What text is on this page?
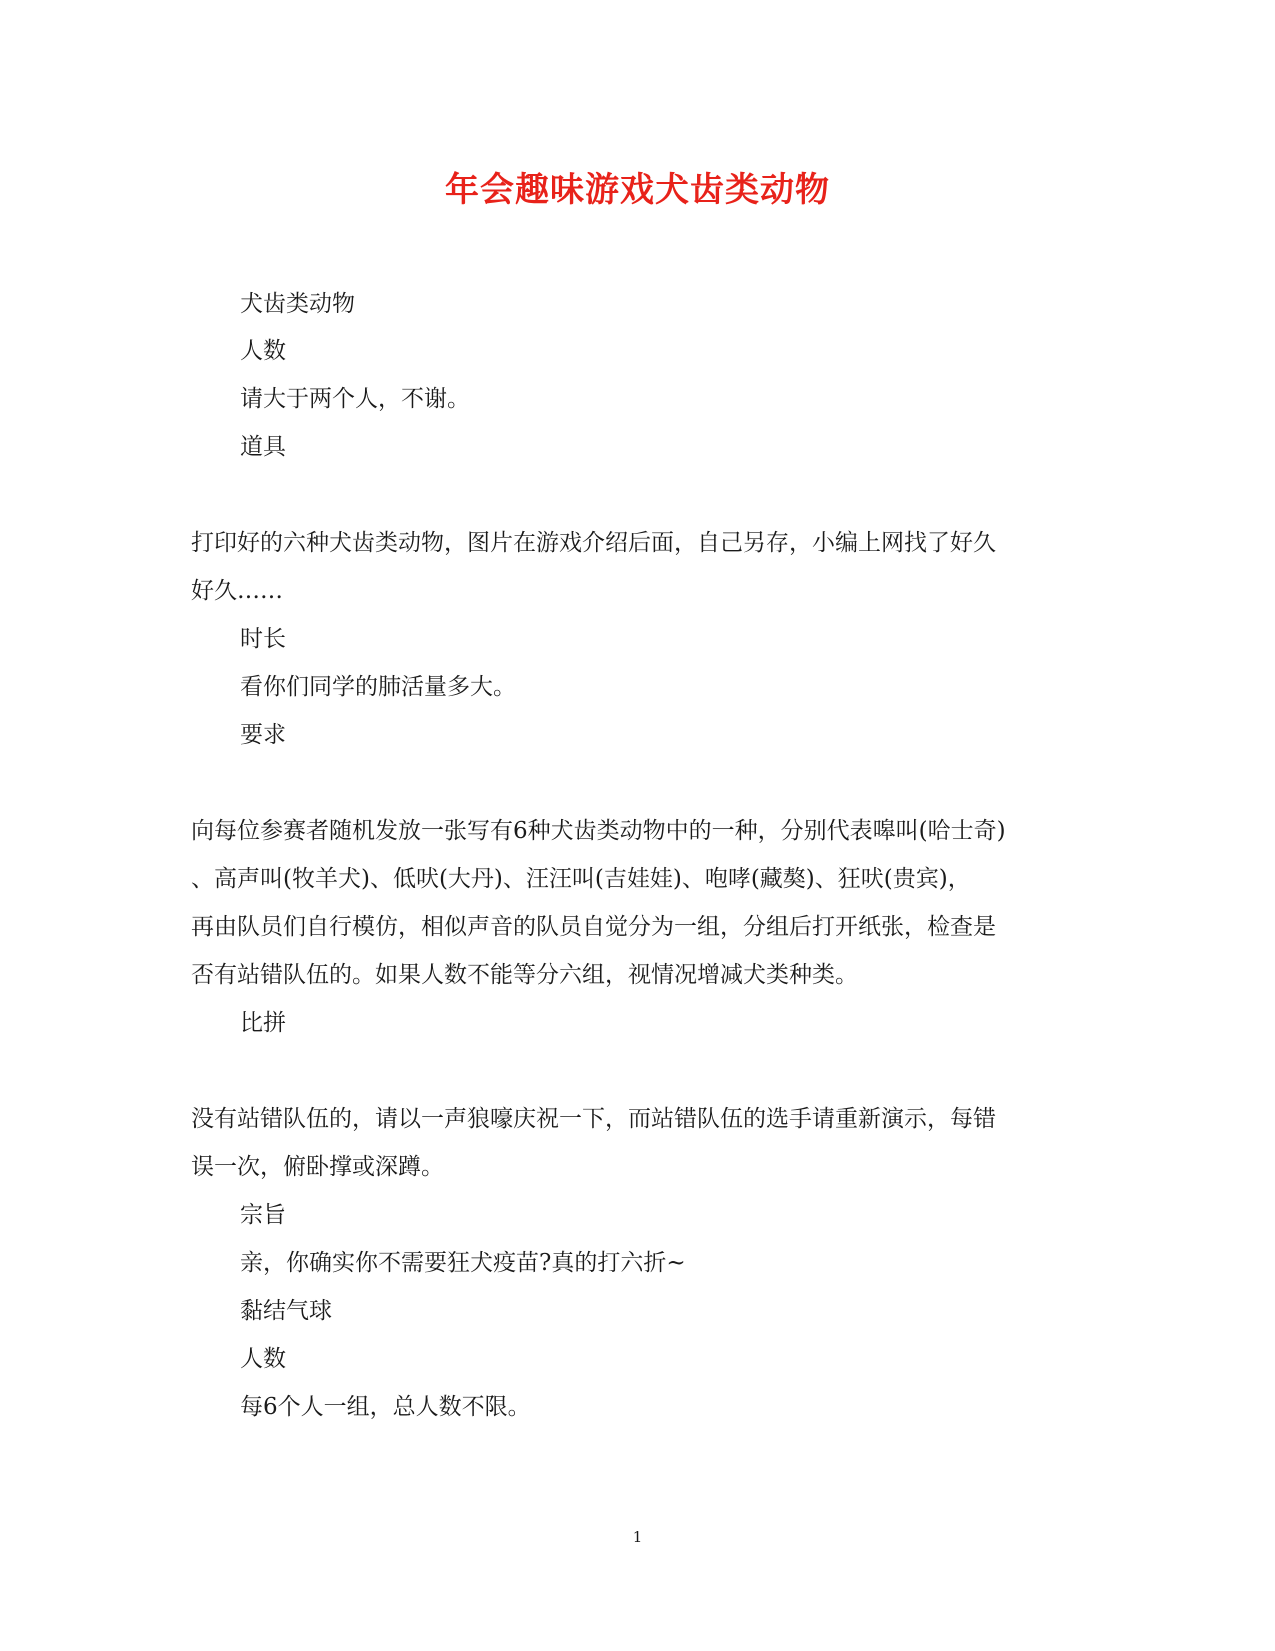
年会趣味游戏犬齿类动物
犬齿类动物
人数
请大于两个人，不谢。
道具
打印好的六种犬齿类动物，图片在游戏介绍后面，自己另存，小编上网找了好久
好久……
时长
看你们同学的肺活量多大。
要求
向每位参赛者随机发放一张写有6种犬齿类动物中的一种，分别代表嗥叫(哈士奇)
、高声叫(牧羊犬)、低吠(大丹)、汪汪叫(吉娃娃)、咆哮(藏獒)、狂吠(贵宾)，
再由队员们自行模仿，相似声音的队员自觉分为一组，分组后打开纸张，检查是
否有站错队伍的。如果人数不能等分六组，视情况增减犬类种类。
比拼
没有站错队伍的，请以一声狼嚎庆祝一下，而站错队伍的选手请重新演示，每错
误一次，俯卧撑或深蹲。
宗旨
亲，你确实你不需要狂犬疫苗?真的打六折~
黏结气球
人数
每6个人一组，总人数不限。
1
